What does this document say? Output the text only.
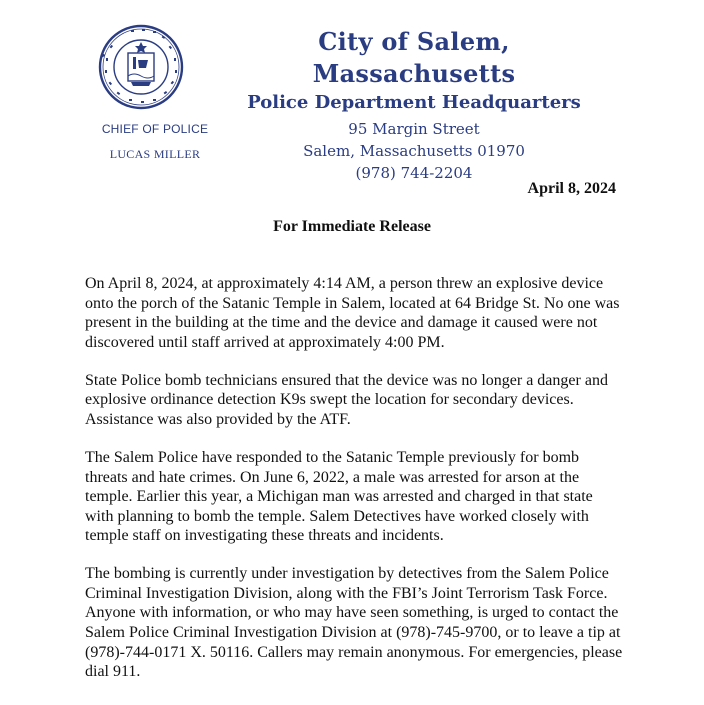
CHIEF OF POLICE
LUCAS MILLER
City of Salem, Massachusetts
Police Department Headquarters
95 Margin Street
Salem, Massachusetts 01970
(978) 744-2204
April 8, 2024
For Immediate Release

On April 8, 2024, at approximately 4:14 AM, a person threw an explosive device onto the porch of the Satanic Temple in Salem, located at 64 Bridge St. No one was present in the building at the time and the device and damage it caused were not discovered until staff arrived at approximately 4:00 PM.

State Police bomb technicians ensured that the device was no longer a danger and explosive ordinance detection K9s swept the location for secondary devices. Assistance was also provided by the ATF.

The Salem Police have responded to the Satanic Temple previously for bomb threats and hate crimes. On June 6, 2022, a male was arrested for arson at the temple. Earlier this year, a Michigan man was arrested and charged in that state with planning to bomb the temple. Salem Detectives have worked closely with temple staff on investigating these threats and incidents.

The bombing is currently under investigation by detectives from the Salem Police Criminal Investigation Division, along with the FBI’s Joint Terrorism Task Force. Anyone with information, or who may have seen something, is urged to contact the Salem Police Criminal Investigation Division at (978)-745-9700, or to leave a tip at (978)-744-0171 X. 50116. Callers may remain anonymous. For emergencies, please dial 911.
